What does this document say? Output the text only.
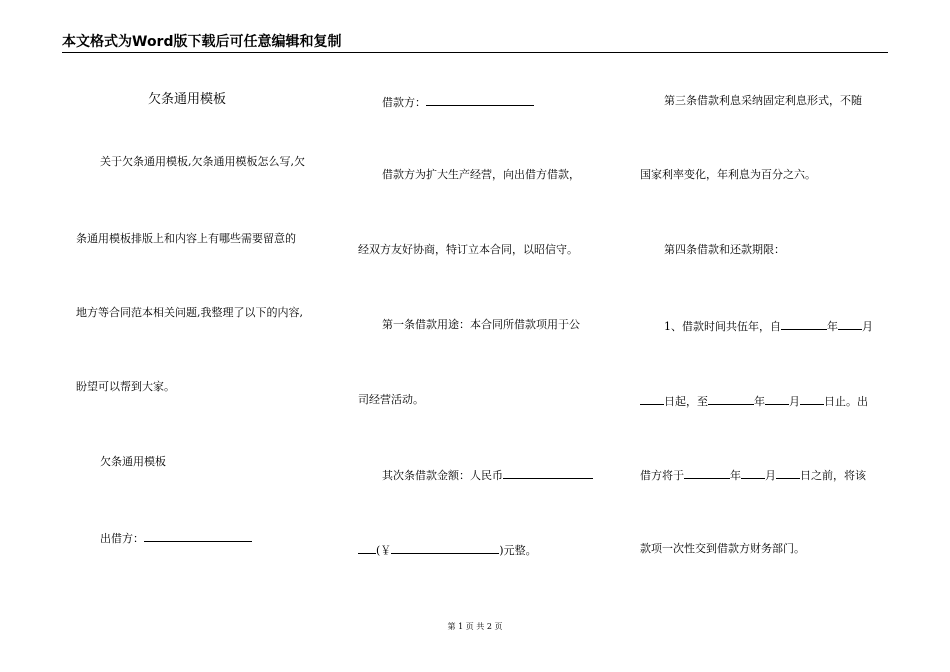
本文格式为Word版下载后可任意编辑和复制
欠条通用模板
关于欠条通用模板,欠条通用模板怎么写,欠
条通用模板排版上和内容上有哪些需要留意的
地方等合同范本相关问题,我整理了以下的内容,
盼望可以帮到大家。
欠条通用模板
出借方：
借款方：
借款方为扩大生产经营，向出借方借款，
经双方友好协商，特订立本合同，以昭信守。
第一条借款用途：本合同所借款项用于公
司经营活动。
其次条借款金额：人民币
(￥	)元整。
第三条借款利息采纳固定利息形式，不随
国家利率变化，年利息为百分之六。
第四条借款和还款期限：
1、借款时间共伍年，自	年 月
日起，至	年 月 日止。出
借方将于	年 月 日之前，将该
款项一次性交到借款方财务部门。
第 1 页 共 2 页
